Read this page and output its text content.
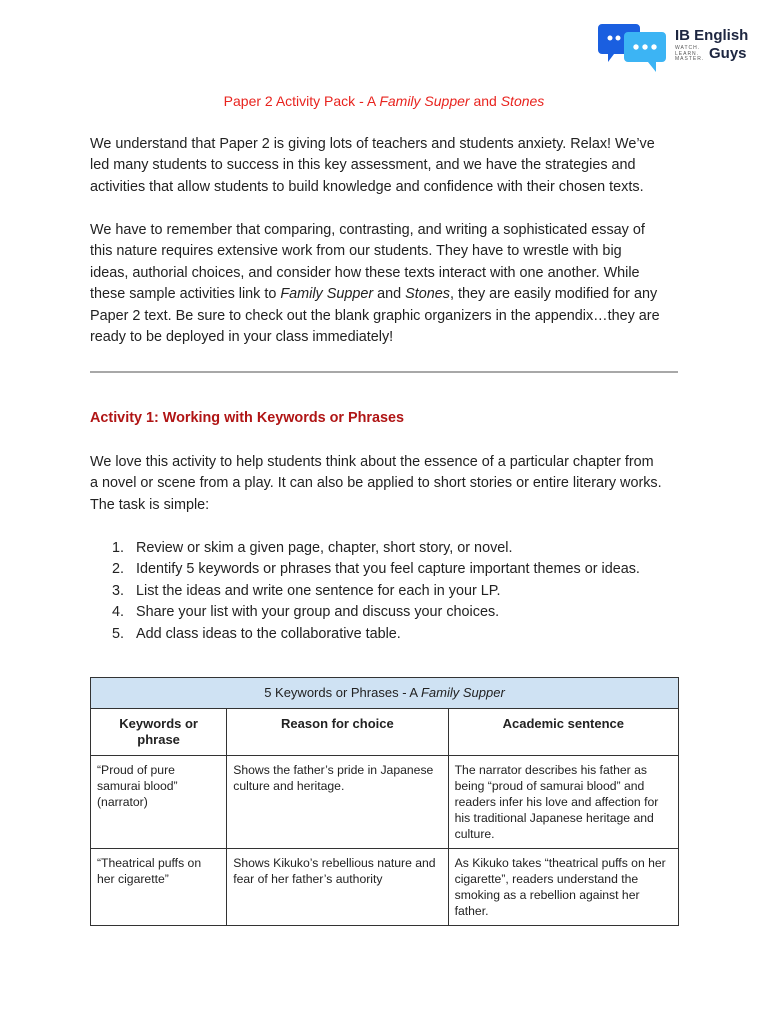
IB English
WATCH.
LEARN.
MASTER. Guys
Paper 2 Activity Pack - A Family Supper and Stones
We understand that Paper 2 is giving lots of teachers and students anxiety. Relax! We’ve
led many students to success in this key assessment, and we have the strategies and
activities that allow students to build knowledge and confidence with their chosen texts.
We have to remember that comparing, contrasting, and writing a sophisticated essay of
this nature requires extensive work from our students. They have to wrestle with big
ideas, authorial choices, and consider how these texts interact with one another. While
these sample activities link to Family Supper and Stones, they are easily modified for any
Paper 2 text. Be sure to check out the blank graphic organizers in the appendix…they are
ready to be deployed in your class immediately!
Activity 1: Working with Keywords or Phrases
We love this activity to help students think about the essence of a particular chapter from
a novel or scene from a play. It can also be applied to short stories or entire literary works.
The task is simple:
1. Review or skim a given page, chapter, short story, or novel.
2. Identify 5 keywords or phrases that you feel capture important themes or ideas.
3. List the ideas and write one sentence for each in your LP.
4. Share your list with your group and discuss your choices.
5. Add class ideas to the collaborative table.
5 Keywords or Phrases - A Family Supper		
Keywords or phrase	Reason for choice	Academic sentence
“Proud of pure samurai blood” (narrator)	Shows the father’s pride in Japanese culture and heritage.	The narrator describes his father as being “proud of samurai blood” and readers infer his love and affection for his traditional Japanese heritage and culture.
“Theatrical puffs on her cigarette”	Shows Kikuko’s rebellious nature and fear of her father’s authority	As Kikuko takes “theatrical puffs on her cigarette”, readers understand the smoking as a rebellion against her father.
